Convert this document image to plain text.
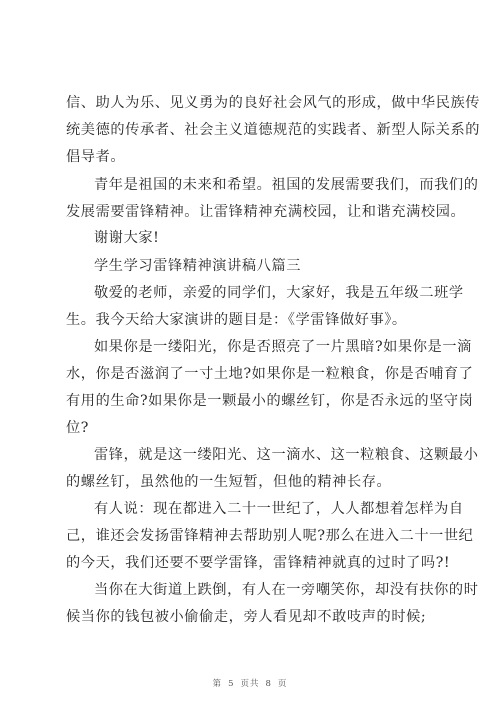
信、助人为乐、见义勇为的良好社会风气的形成，做中华民族传
统美德的传承者、社会主义道德规范的实践者、新型人际关系的
倡导者。
青年是祖国的未来和希望。祖国的发展需要我们，而我们的
发展需要雷锋精神。让雷锋精神充满校园，让和谐充满校园。
谢谢大家!
学生学习雷锋精神演讲稿八篇三
敬爱的老师，亲爱的同学们，大家好，我是五年级二班学
生。我今天给大家演讲的题目是：《学雷锋做好事》。
如果你是一缕阳光，你是否照亮了一片黑暗?如果你是一滴
水，你是否滋润了一寸土地?如果你是一粒粮食，你是否哺育了
有用的生命?如果你是一颗最小的螺丝钉，你是否永远的坚守岗
位?
雷锋，就是这一缕阳光、这一滴水、这一粒粮食、这颗最小
的螺丝钉，虽然他的一生短暂，但他的精神长存。
有人说：现在都进入二十一世纪了，人人都想着怎样为自
己，谁还会发扬雷锋精神去帮助别人呢?那么在进入二十一世纪
的今天，我们还要不要学雷锋，雷锋精神就真的过时了吗?!
当你在大街道上跌倒，有人在一旁嘲笑你，却没有扶你的时
候当你的钱包被小偷偷走，旁人看见却不敢吱声的时候;
第 5 页共 8 页
